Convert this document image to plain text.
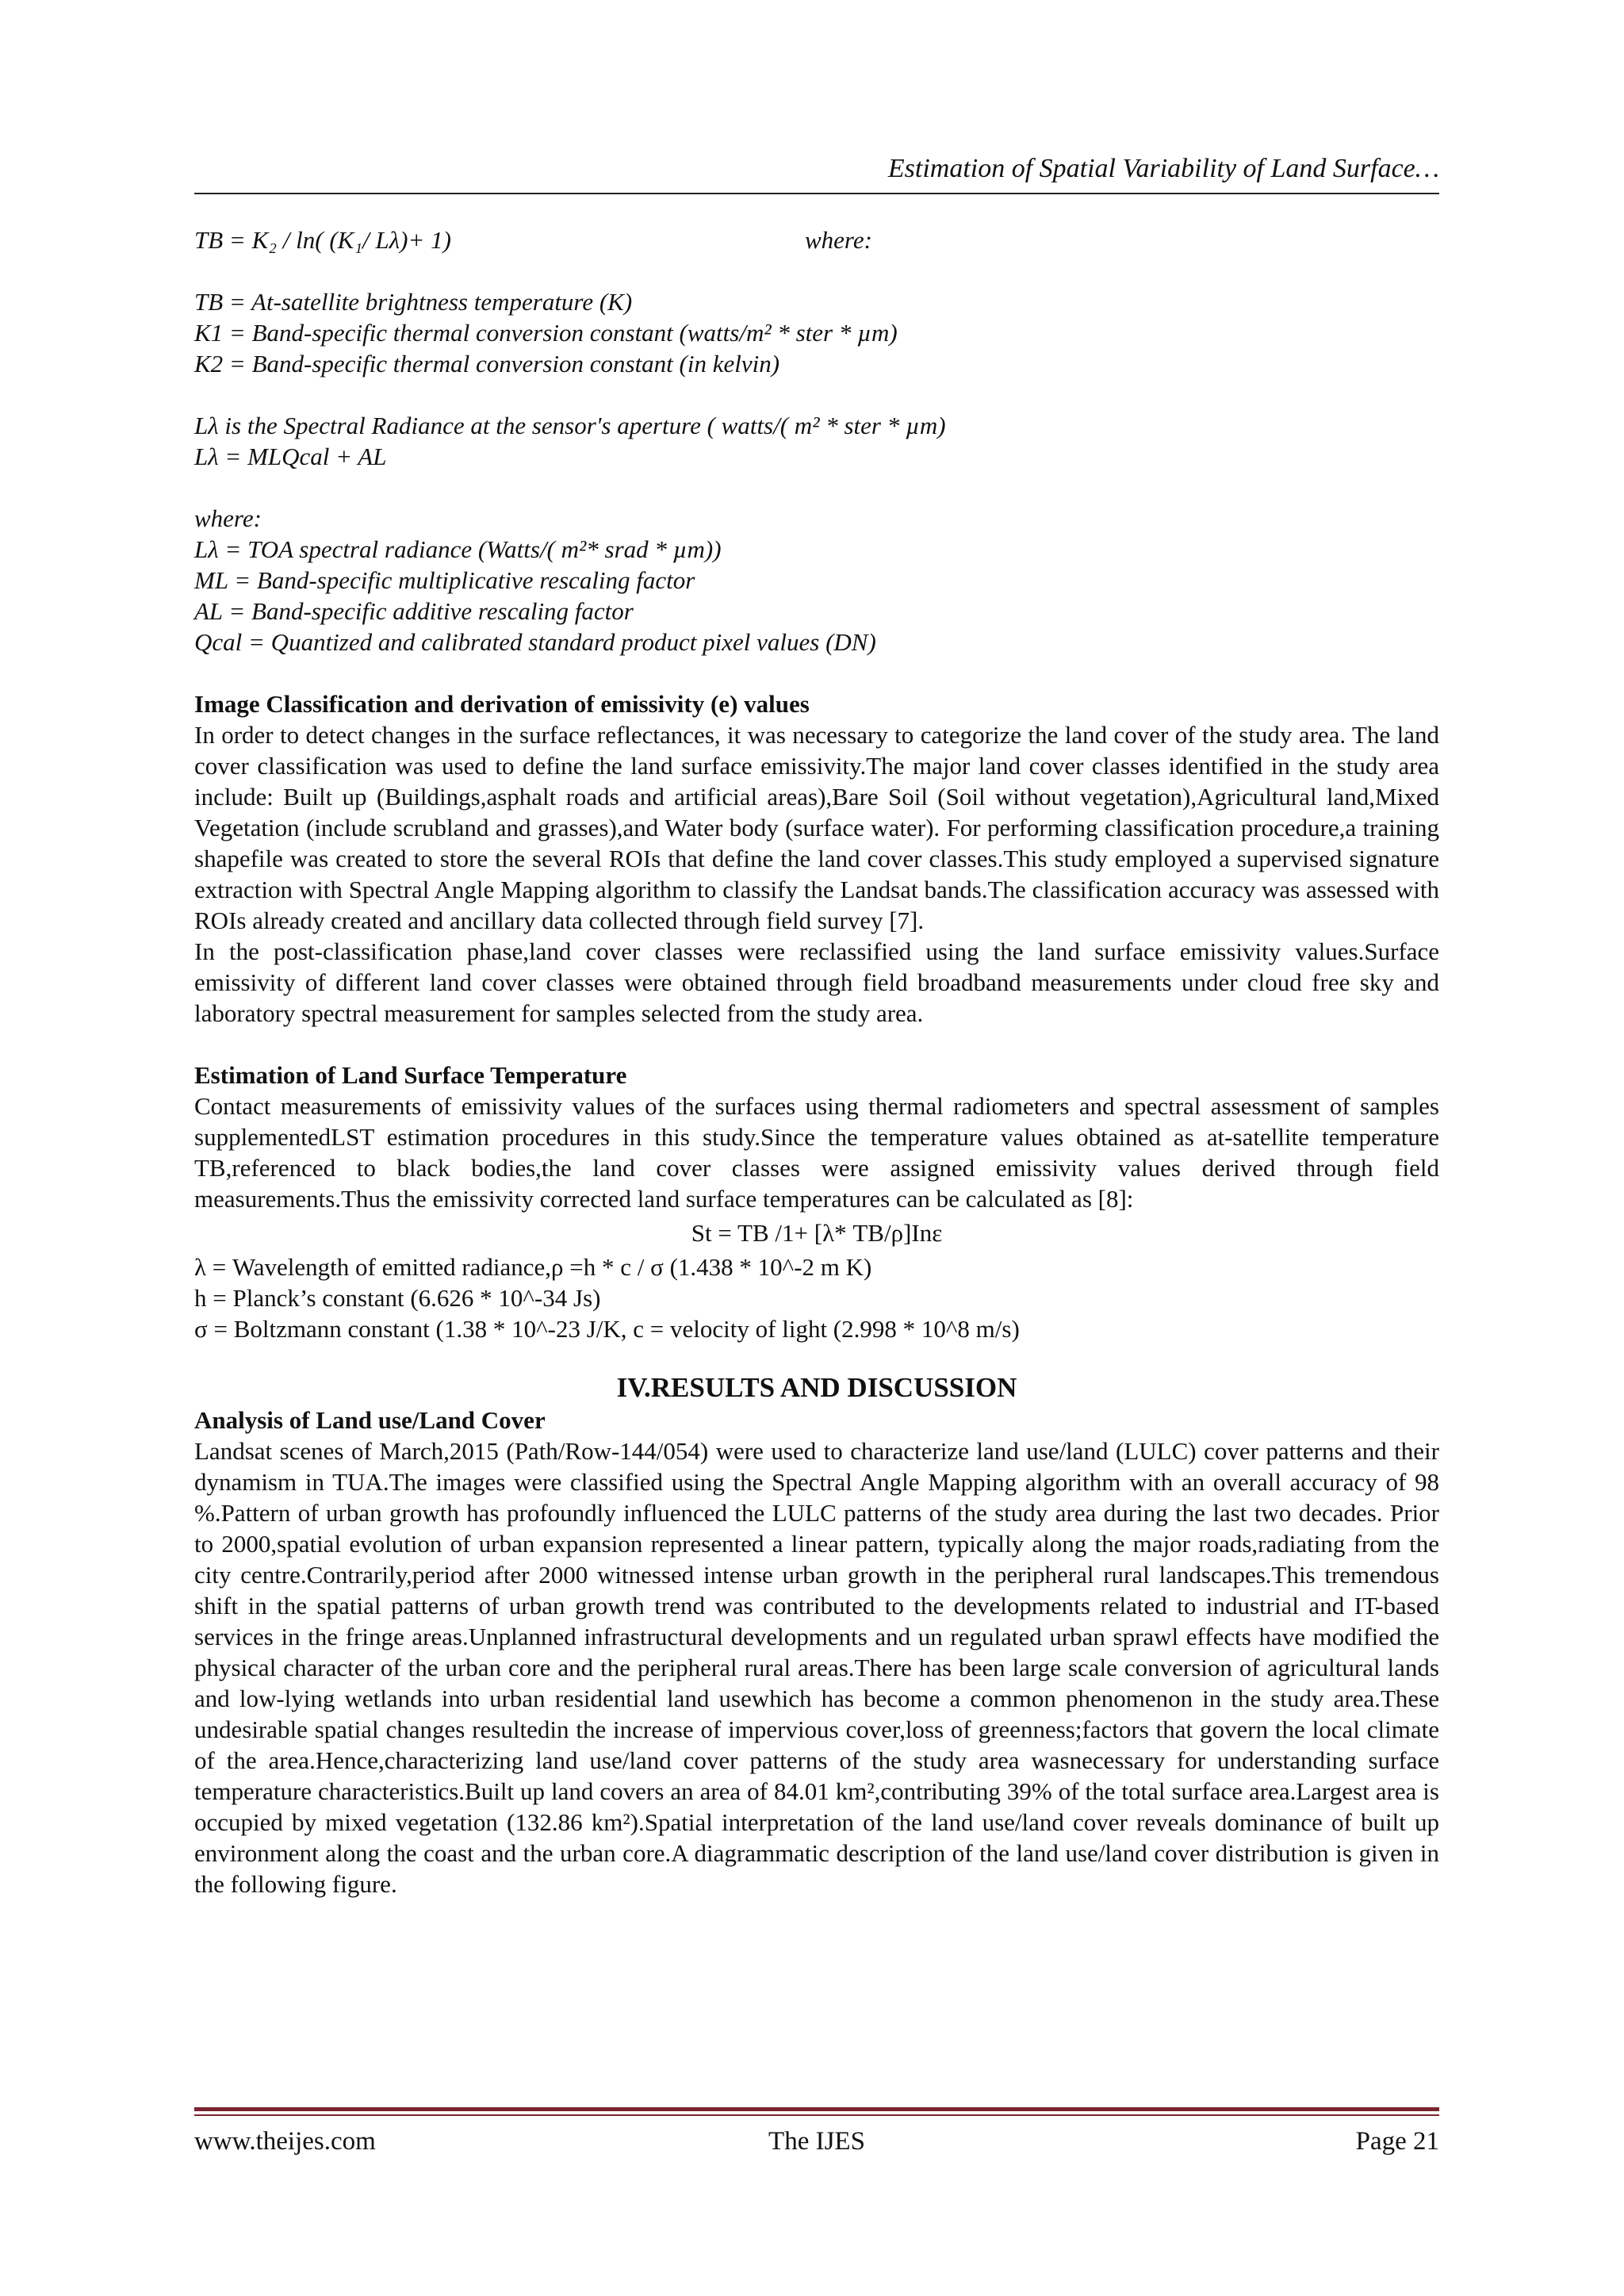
Estimation of Spatial Variability of Land Surface…
TB = K₂ / ln( (K₁/ Lλ)+ 1)	where:
TB = At-satellite brightness temperature (K)
K1 = Band-specific thermal conversion constant (watts/m² * ster * µm)
K2 = Band-specific thermal conversion constant (in kelvin)
Lλ is the Spectral Radiance at the sensor's aperture ( watts/( m² * ster * µm)
Lλ = MLQcal + AL
where:
Lλ = TOA spectral radiance (Watts/( m²* srad * µm))
ML = Band-specific multiplicative rescaling factor
AL = Band-specific additive rescaling factor
Qcal = Quantized and calibrated standard product pixel values (DN)
Image Classification and derivation of emissivity (e) values

In order to detect changes in the surface reflectances, it was necessary to categorize the land cover of the study area. The land cover classification was used to define the land surface emissivity.The major land cover classes identified in the study area include: Built up (Buildings,asphalt roads and artificial areas),Bare Soil (Soil without vegetation),Agricultural land,Mixed Vegetation (include scrubland and grasses),and Water body (surface water). For performing classification procedure,a training shapefile was created to store the several ROIs that define the land cover classes.This study employed a supervised signature extraction with Spectral Angle Mapping algorithm to classify the Landsat bands.The classification accuracy was assessed with ROIs already created and ancillary data collected through field survey [7].

In the post-classification phase,land cover classes were reclassified using the land surface emissivity values.Surface emissivity of different land cover classes were obtained through field broadband measurements under cloud free sky and laboratory spectral measurement for samples selected from the study area.

Estimation of Land Surface Temperature

Contact measurements of emissivity values of the surfaces using thermal radiometers and spectral assessment of samples supplementedLST estimation procedures in this study.Since the temperature values obtained as at-satellite temperature TB,referenced to black bodies,the land cover classes were assigned emissivity values derived through field measurements.Thus the emissivity corrected land surface temperatures can be calculated as [8]:

St = TB /1+ [λ* TB/ρ]Inε
λ = Wavelength of emitted radiance,ρ =h * c / σ (1.438 * 10^-2 m K)
h = Planck’s constant (6.626 * 10^-34 Js)
σ = Boltzmann constant (1.38 * 10^-23 J/K, c = velocity of light (2.998 * 10^8 m/s)
IV.RESULTS AND DISCUSSION
Analysis of Land use/Land Cover

Landsat scenes of March,2015 (Path/Row-144/054) were used to characterize land use/land (LULC) cover patterns and their dynamism in TUA.The images were classified using the Spectral Angle Mapping algorithm with an overall accuracy of 98 %.Pattern of urban growth has profoundly influenced the LULC patterns of the study area during the last two decades. Prior to 2000,spatial evolution of urban expansion represented a linear pattern, typically along the major roads,radiating from the city centre.Contrarily,period after 2000 witnessed intense urban growth in the peripheral rural landscapes.This tremendous shift in the spatial patterns of urban growth trend was contributed to the developments related to industrial and IT-based services in the fringe areas.Unplanned infrastructural developments and un regulated urban sprawl effects have modified the physical character of the urban core and the peripheral rural areas.There has been large scale conversion of agricultural lands and low-lying wetlands into urban residential land usewhich has become a common phenomenon in the study area.These undesirable spatial changes resultedin the increase of impervious cover,loss of greenness;factors that govern the local climate of the area.Hence,characterizing land use/land cover patterns of the study area wasnecessary for understanding surface temperature characteristics.Built up land covers an area of 84.01 km²,contributing 39% of the total surface area.Largest area is occupied by mixed vegetation (132.86 km²).Spatial interpretation of the land use/land cover reveals dominance of built up environment along the coast and the urban core.A diagrammatic description of the land use/land cover distribution is given in the following figure.

www.theijes.com	The IJES	Page 21
